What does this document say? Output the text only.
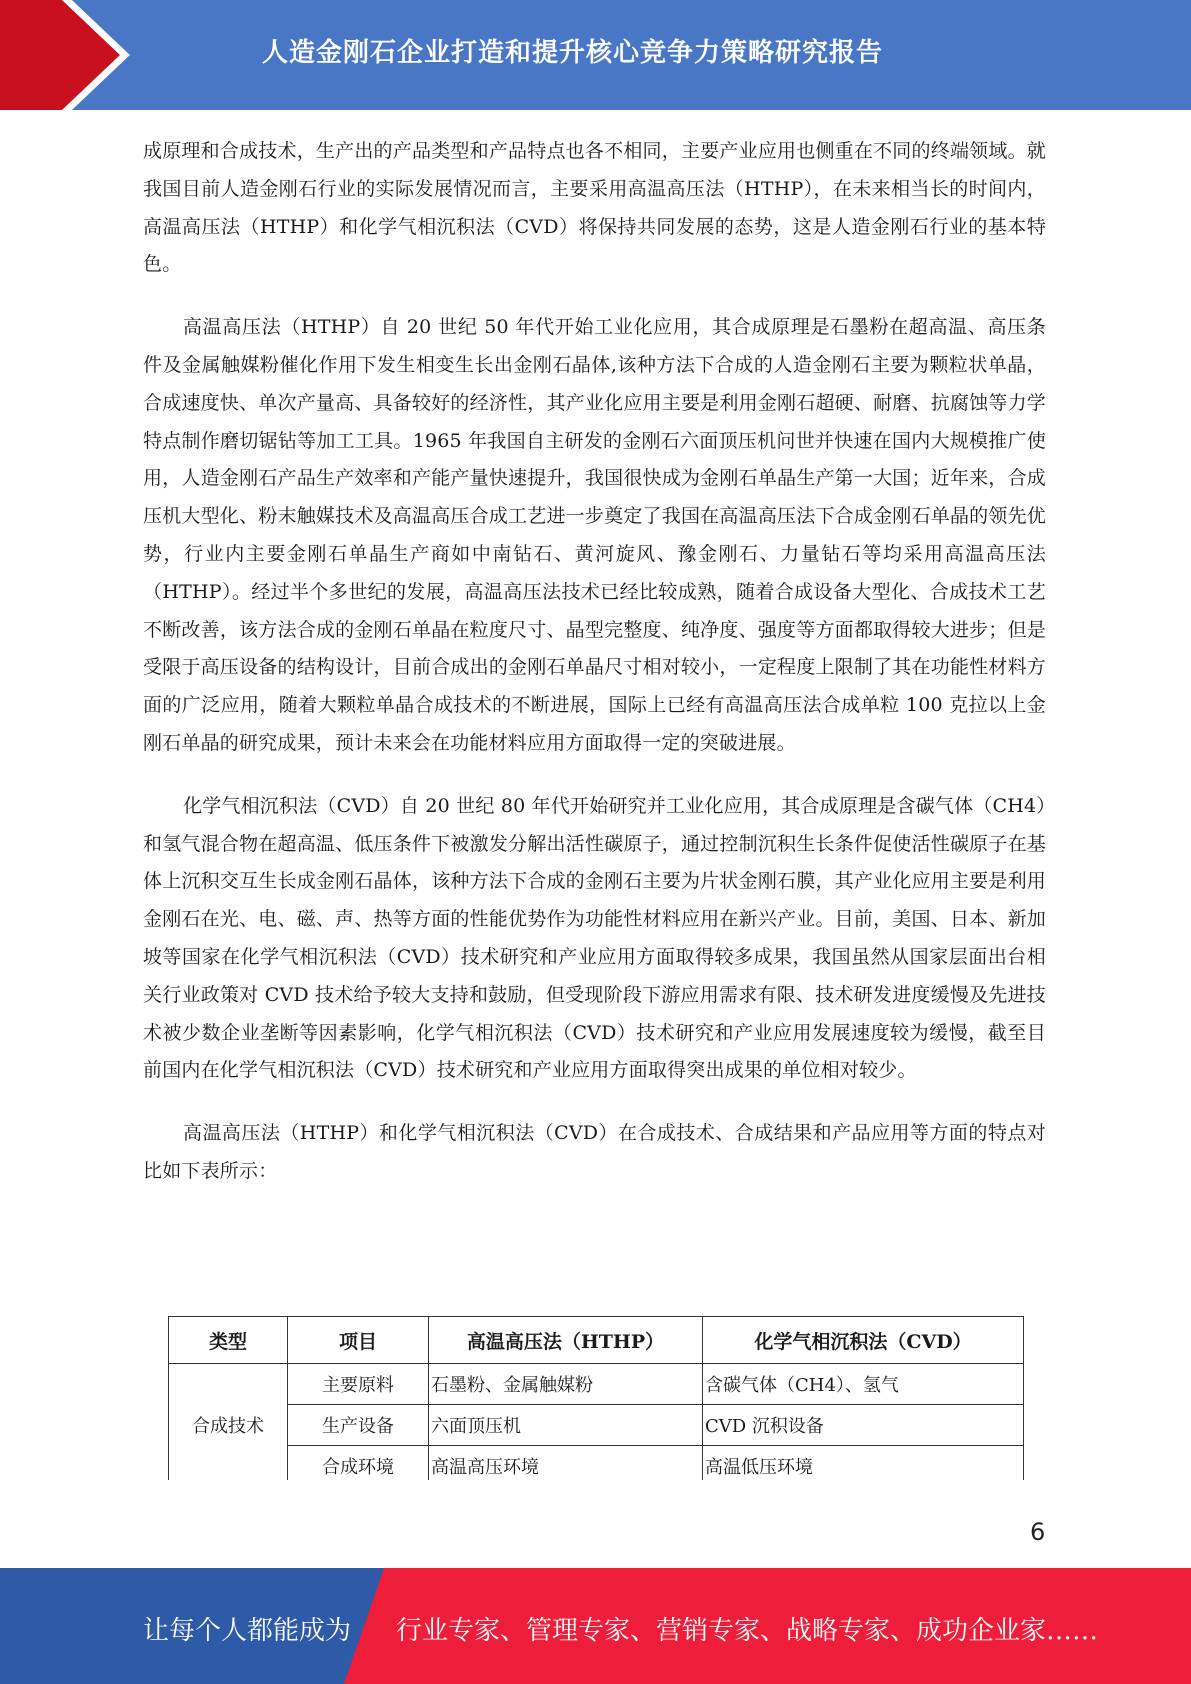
人造金刚石企业打造和提升核心竞争力策略研究报告

成原理和合成技术，生产出的产品类型和产品特点也各不相同，主要产业应用也侧重在不同的终端领域。就我国目前人造金刚石行业的实际发展情况而言，主要采用高温高压法（HTHP），在未来相当长的时间内，高温高压法（HTHP）和化学气相沉积法（CVD）将保持共同发展的态势，这是人造金刚石行业的基本特色。

高温高压法（HTHP）自 20 世纪 50 年代开始工业化应用，其合成原理是石墨粉在超高温、高压条件及金属触媒粉催化作用下发生相变生长出金刚石晶体,该种方法下合成的人造金刚石主要为颗粒状单晶，合成速度快、单次产量高、具备较好的经济性，其产业化应用主要是利用金刚石超硬、耐磨、抗腐蚀等力学特点制作磨切锯钻等加工工具。1965 年我国自主研发的金刚石六面顶压机问世并快速在国内大规模推广使用，人造金刚石产品生产效率和产能产量快速提升，我国很快成为金刚石单晶生产第一大国；近年来，合成压机大型化、粉末触媒技术及高温高压合成工艺进一步奠定了我国在高温高压法下合成金刚石单晶的领先优势，行业内主要金刚石单晶生产商如中南钻石、黄河旋风、豫金刚石、力量钻石等均采用高温高压法（HTHP）。经过半个多世纪的发展，高温高压法技术已经比较成熟，随着合成设备大型化、合成技术工艺不断改善，该方法合成的金刚石单晶在粒度尺寸、晶型完整度、纯净度、强度等方面都取得较大进步；但是受限于高压设备的结构设计，目前合成出的金刚石单晶尺寸相对较小，一定程度上限制了其在功能性材料方面的广泛应用，随着大颗粒单晶合成技术的不断进展，国际上已经有高温高压法合成单粒 100 克拉以上金刚石单晶的研究成果，预计未来会在功能材料应用方面取得一定的突破进展。

化学气相沉积法（CVD）自 20 世纪 80 年代开始研究并工业化应用，其合成原理是含碳气体（CH4）和氢气混合物在超高温、低压条件下被激发分解出活性碳原子，通过控制沉积生长条件促使活性碳原子在基体上沉积交互生长成金刚石晶体，该种方法下合成的金刚石主要为片状金刚石膜，其产业化应用主要是利用金刚石在光、电、磁、声、热等方面的性能优势作为功能性材料应用在新兴产业。目前，美国、日本、新加坡等国家在化学气相沉积法（CVD）技术研究和产业应用方面取得较多成果，我国虽然从国家层面出台相关行业政策对 CVD 技术给予较大支持和鼓励，但受现阶段下游应用需求有限、技术研发进度缓慢及先进技术被少数企业垄断等因素影响，化学气相沉积法（CVD）技术研究和产业应用发展速度较为缓慢，截至目前国内在化学气相沉积法（CVD）技术研究和产业应用方面取得突出成果的单位相对较少。

高温高压法（HTHP）和化学气相沉积法（CVD）在合成技术、合成结果和产品应用等方面的特点对比如下表所示：

类型	项目	高温高压法（HTHP）	化学气相沉积法（CVD）
合成技术	主要原料	石墨粉、金属触媒粉	含碳气体（CH4）、氢气
	生产设备	六面顶压机	CVD 沉积设备
	合成环境	高温高压环境	高温低压环境
6
让每个人都能成为 行业专家、管理专家、营销专家、战略专家、成功企业家……
